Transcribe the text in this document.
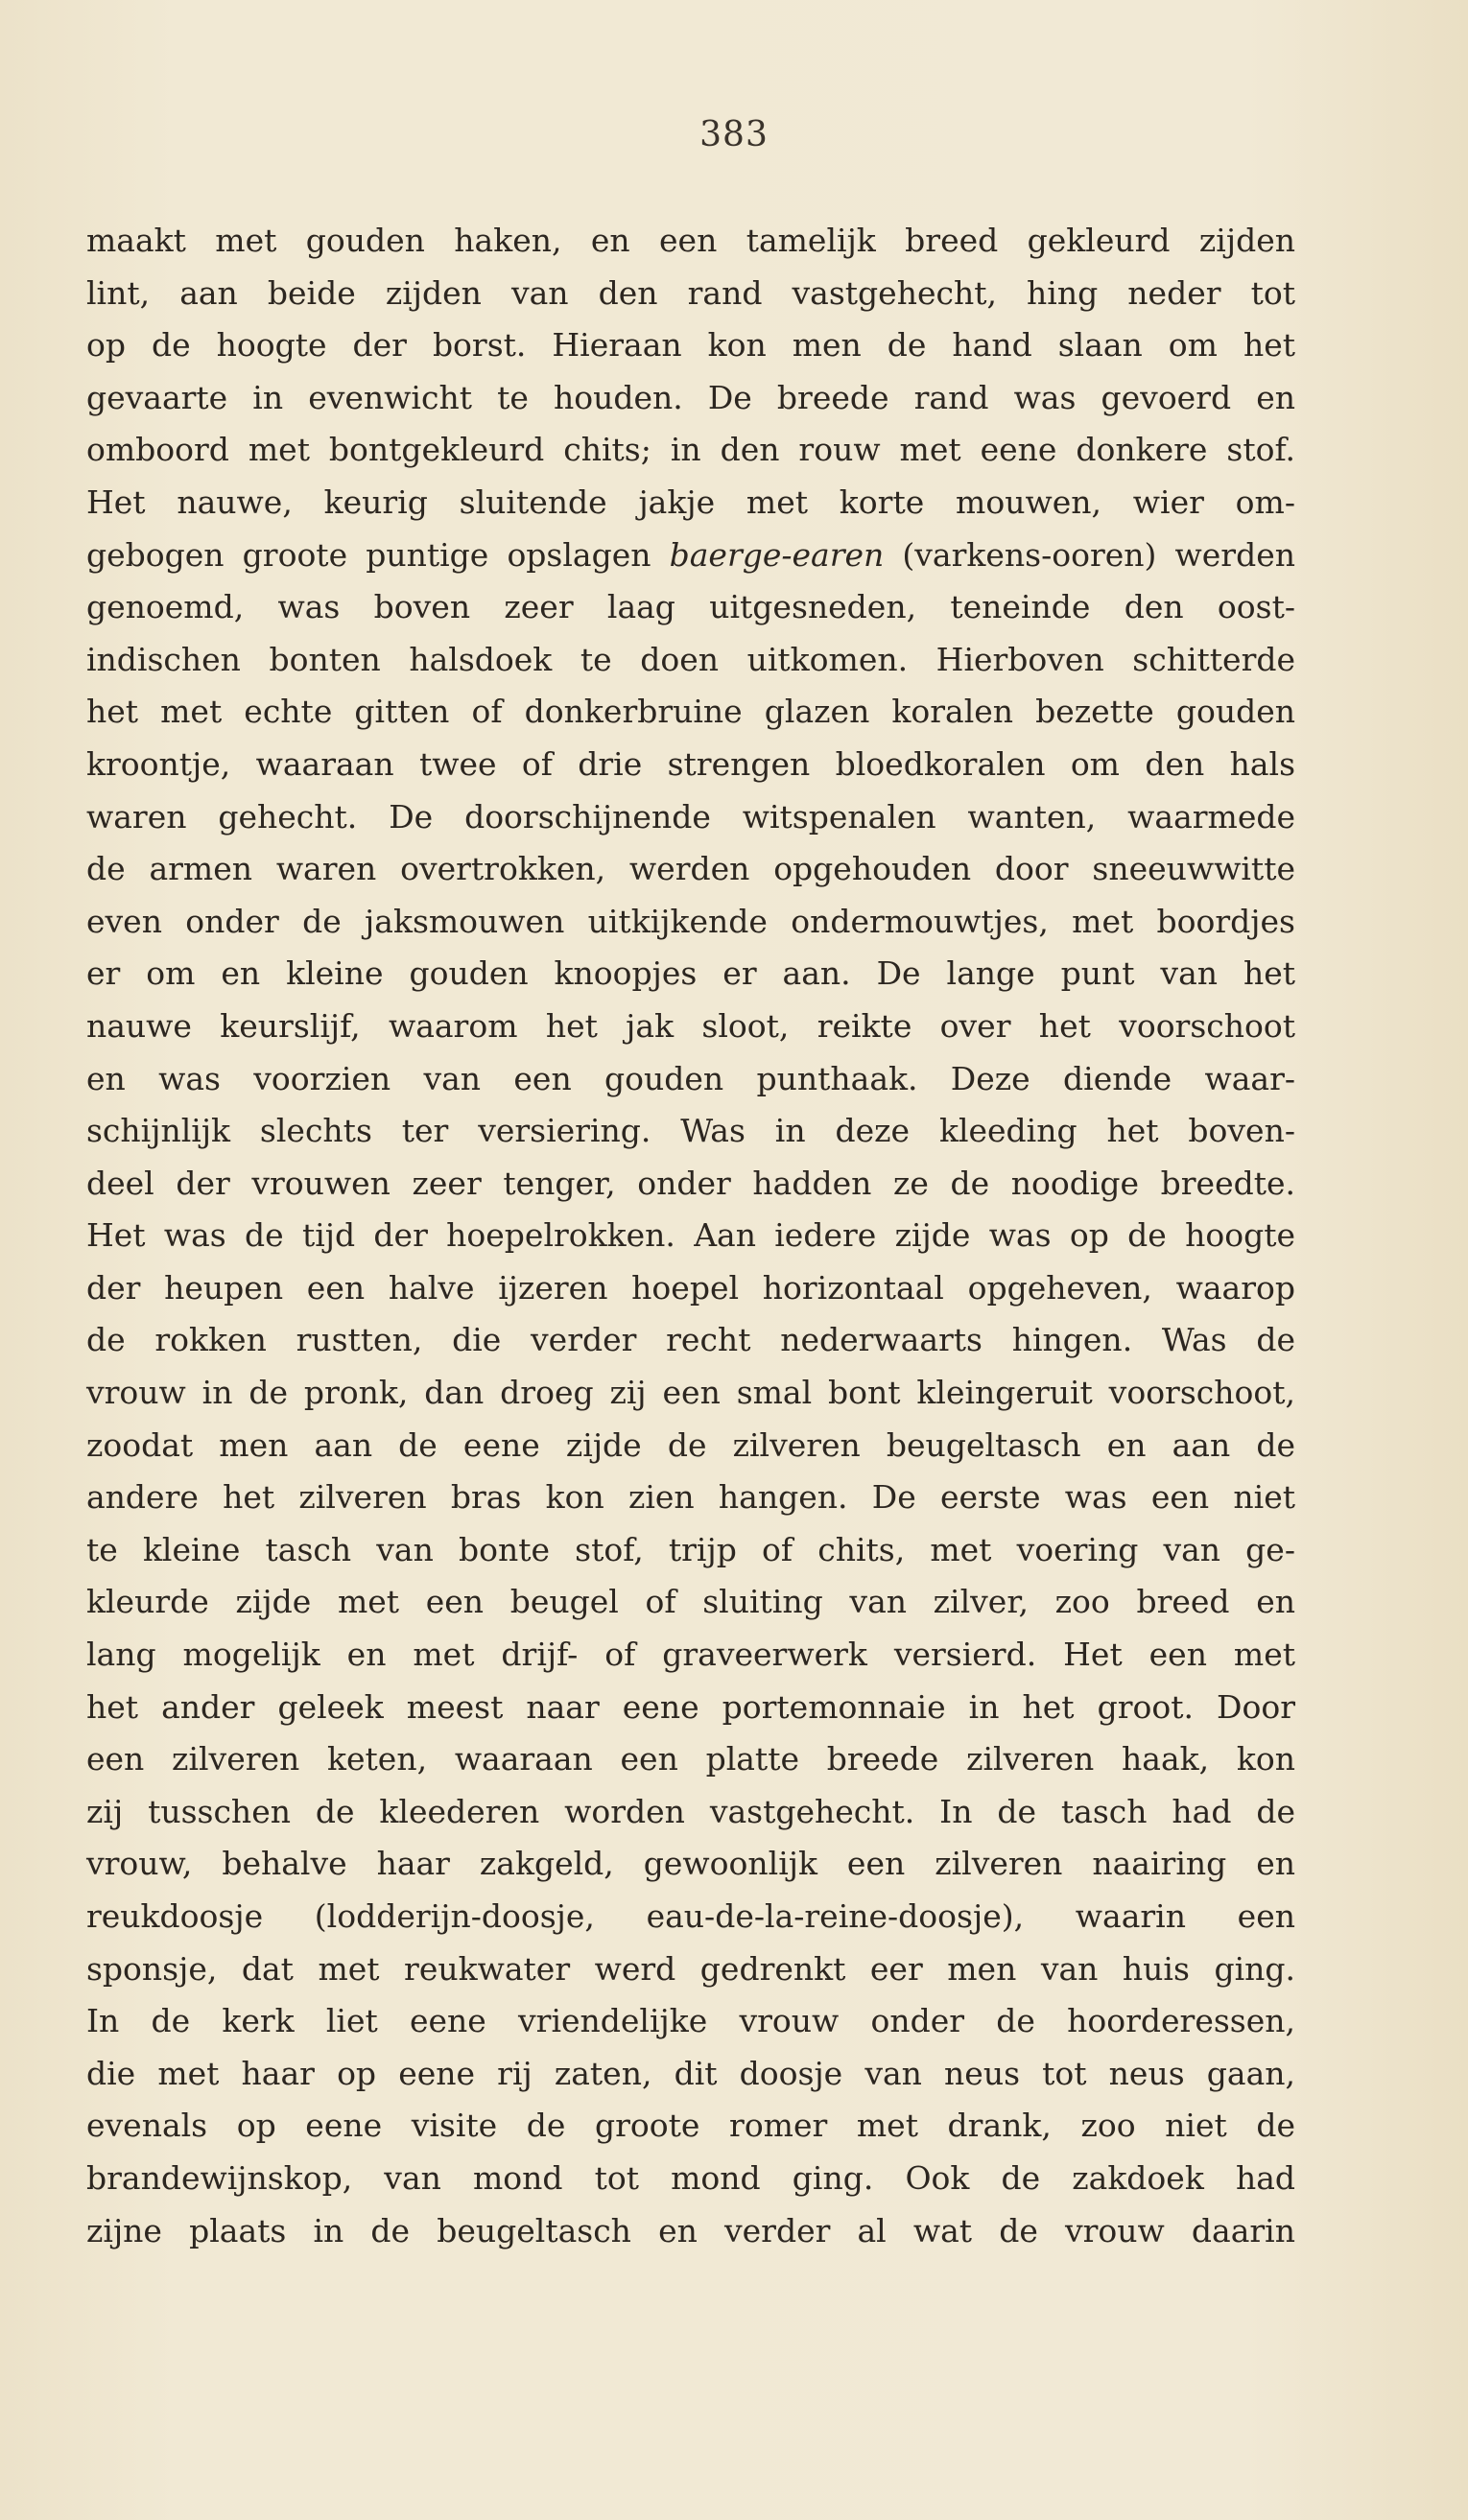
383
maakt met gouden haken, en een tamelijk breed gekleurd zijden
lint, aan beide zijden van den rand vastgehecht, hing neder tot
op de hoogte der borst. Hieraan kon men de hand slaan om het
gevaarte in evenwicht te houden. De breede rand was gevoerd en
omboord met bontgekleurd chits; in den rouw met eene donkere stof.
Het nauwe, keurig sluitende jakje met korte mouwen, wier om-
gebogen groote puntige opslagen baerge-earen (varkens-ooren) werden
genoemd, was boven zeer laag uitgesneden, teneinde den oost-
indischen bonten halsdoek te doen uitkomen. Hierboven schitterde
het met echte gitten of donkerbruine glazen koralen bezette gouden
kroontje, waaraan twee of drie strengen bloedkoralen om den hals
waren gehecht. De doorschijnende witspenalen wanten, waarmede
de armen waren overtrokken, werden opgehouden door sneeuwwitte
even onder de jaksmouwen uitkijkende ondermouwtjes, met boordjes
er om en kleine gouden knoopjes er aan. De lange punt van het
nauwe keurslijf, waarom het jak sloot, reikte over het voorschoot
en was voorzien van een gouden punthaak. Deze diende waar-
schijnlijk slechts ter versiering. Was in deze kleeding het boven-
deel der vrouwen zeer tenger, onder hadden ze de noodige breedte.
Het was de tijd der hoepelrokken. Aan iedere zijde was op de hoogte
der heupen een halve ijzeren hoepel horizontaal opgeheven, waarop
de rokken rustten, die verder recht nederwaarts hingen. Was de
vrouw in de pronk, dan droeg zij een smal bont kleingeruit voorschoot,
zoodat men aan de eene zijde de zilveren beugeltasch en aan de
andere het zilveren bras kon zien hangen. De eerste was een niet
te kleine tasch van bonte stof, trijp of chits, met voering van ge-
kleurde zijde met een beugel of sluiting van zilver, zoo breed en
lang mogelijk en met drijf- of graveerwerk versierd. Het een met
het ander geleek meest naar eene portemonnaie in het groot. Door
een zilveren keten, waaraan een platte breede zilveren haak, kon
zij tusschen de kleederen worden vastgehecht. In de tasch had de
vrouw, behalve haar zakgeld, gewoonlijk een zilveren naairing en
reukdoosje (lodderijn-doosje, eau-de-la-reine-doosje), waarin een
sponsje, dat met reukwater werd gedrenkt eer men van huis ging.
In de kerk liet eene vriendelijke vrouw onder de hoorderessen,
die met haar op eene rij zaten, dit doosje van neus tot neus gaan,
evenals op eene visite de groote romer met drank, zoo niet de
brandewijnskop, van mond tot mond ging. Ook de zakdoek had
zijne plaats in de beugeltasch en verder al wat de vrouw daarin
